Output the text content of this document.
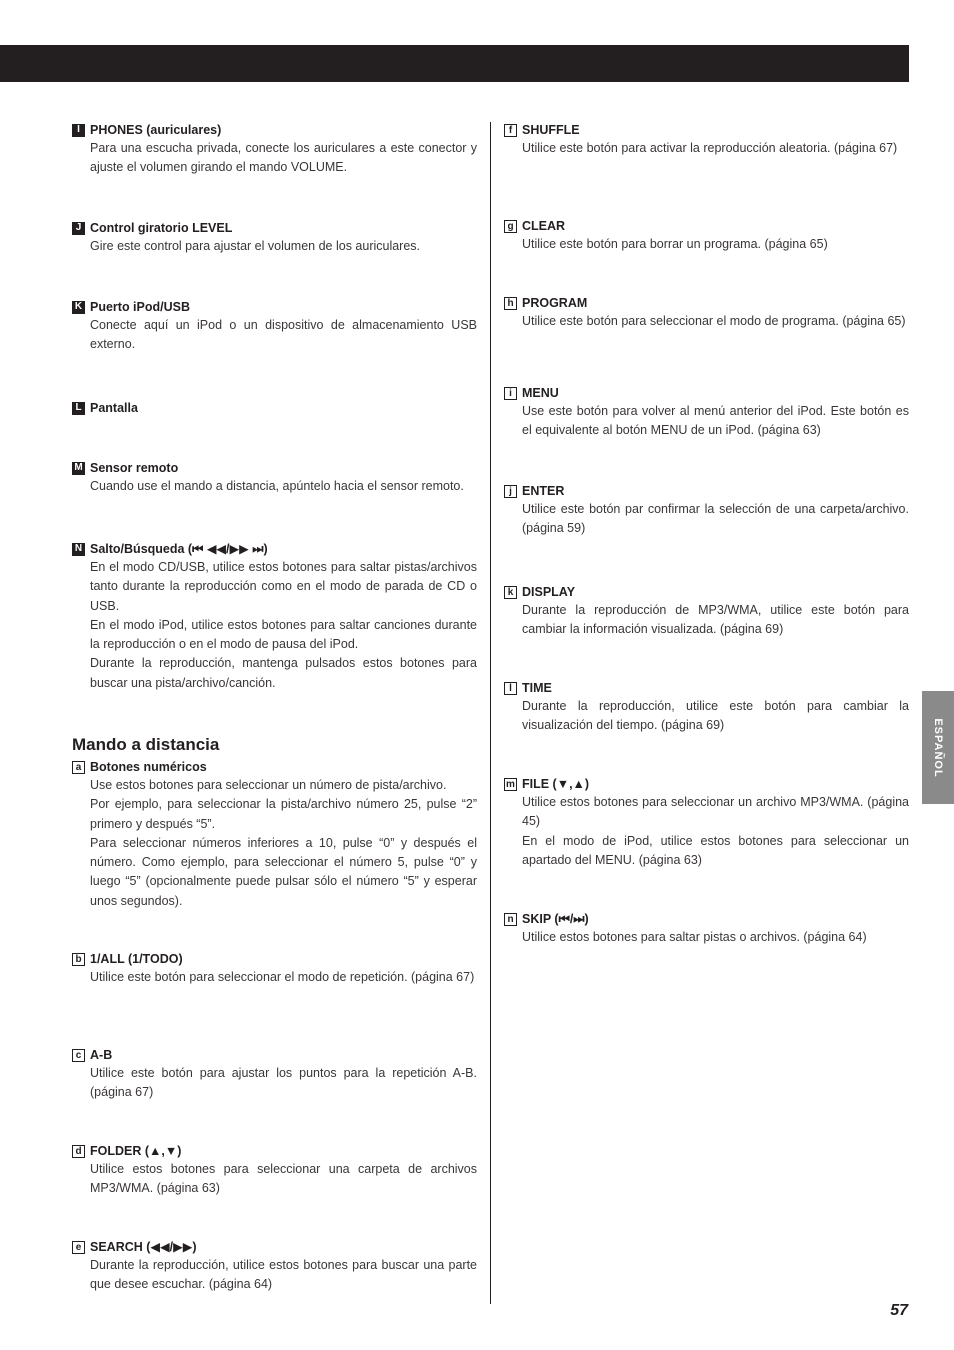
ESPAÑOL
I PHONES (auriculares)

Para una escucha privada, conecte los auriculares a este conector y ajuste el volumen girando el mando VOLUME.

J Control giratorio LEVEL

Gire este control para ajustar el volumen de los auriculares.

K Puerto iPod/USB

Conecte aquí un iPod o un dispositivo de almacenamiento USB externo.

L Pantalla
M Sensor remoto

Cuando use el mando a distancia, apúntelo hacia el sensor remoto.

N Salto/Búsqueda (⏮ ◀◀/▶▶ ⏭)

En el modo CD/USB, utilice estos botones para saltar pistas/archivos tanto durante la reproducción como en el modo de parada de CD o USB.

En el modo iPod, utilice estos botones para saltar canciones durante la reproducción o en el modo de pausa del iPod.

Durante la reproducción, mantenga pulsados estos botones para buscar una pista/archivo/canción.

Mando a distancia
a Botones numéricos

Use estos botones para seleccionar un número de pista/archivo.

Por ejemplo, para seleccionar la pista/archivo número 25, pulse “2” primero y después “5”.

Para seleccionar números inferiores a 10, pulse “0” y después el número. Como ejemplo, para seleccionar el número 5, pulse “0” y luego “5” (opcionalmente puede pulsar sólo el número “5” y esperar unos segundos).

b 1/ALL (1/TODO)

Utilice este botón para seleccionar el modo de repetición. (página 67)

c A-B

Utilice este botón para ajustar los puntos para la repetición A-B. (página 67)

d FOLDER (▲,▼)

Utilice estos botones para seleccionar una carpeta de archivos MP3/WMA. (página 63)

e SEARCH (◀◀/▶▶)

Durante la reproducción, utilice estos botones para buscar una parte que desee escuchar. (página 64)

f SHUFFLE

Utilice este botón para activar la reproducción aleatoria. (página 67)

g CLEAR

Utilice este botón para borrar un programa. (página 65)

h PROGRAM

Utilice este botón para seleccionar el modo de programa. (página 65)

i MENU

Use este botón para volver al menú anterior del iPod. Este botón es el equivalente al botón MENU de un iPod. (página 63)

j ENTER

Utilice este botón par confirmar la selección de una carpeta/archivo. (página 59)

k DISPLAY

Durante la reproducción de MP3/WMA, utilice este botón para cambiar la información visualizada. (página 69)

l TIME

Durante la reproducción, utilice este botón para cambiar la visualización del tiempo. (página 69)

m FILE (▼,▲)

Utilice estos botones para seleccionar un archivo MP3/WMA. (página 45)

En el modo de iPod, utilice estos botones para seleccionar un apartado del MENU. (página 63)

n SKIP (⏮/⏭)

Utilice estos botones para saltar pistas o archivos. (página 64)

57
